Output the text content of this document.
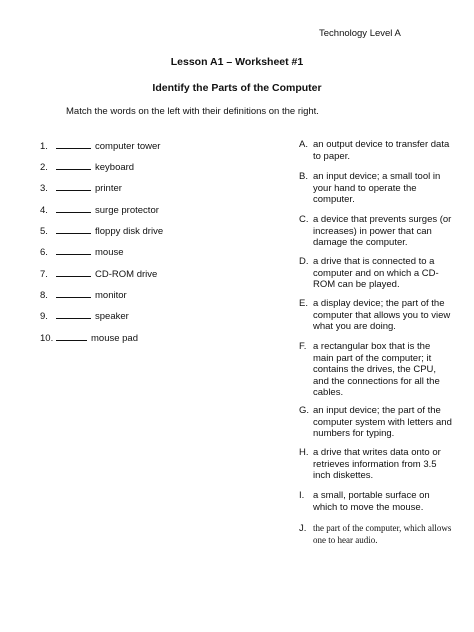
Technology Level A
Lesson A1 – Worksheet #1
Identify the Parts of the Computer
Match the words on the left with their definitions on the right.
1.	computer tower
2.	keyboard
3.	printer
4.	surge protector
5.	floppy disk drive
6.	mouse
7.	CD-ROM drive
8.	monitor
9.	speaker
10.	mouse pad
A. an output device to transfer data to paper.
B. an input device; a small tool in your hand to operate the computer.
C. a device that prevents surges (or increases) in power that can damage the computer.
D. a drive that is connected to a computer and on which a CD-ROM can be played.
E. a display device; the part of the computer that allows you to view what you are doing.
F. a rectangular box that is the main part of the computer; it contains the drives, the CPU, and the connections for all the cables.
G. an input device; the part of the computer system with letters and numbers for typing.
H. a drive that writes data onto or retrieves information from 3.5 inch diskettes.
I. a small, portable surface on which to move the mouse.
J. the part of the computer, which allows one to hear audio.
